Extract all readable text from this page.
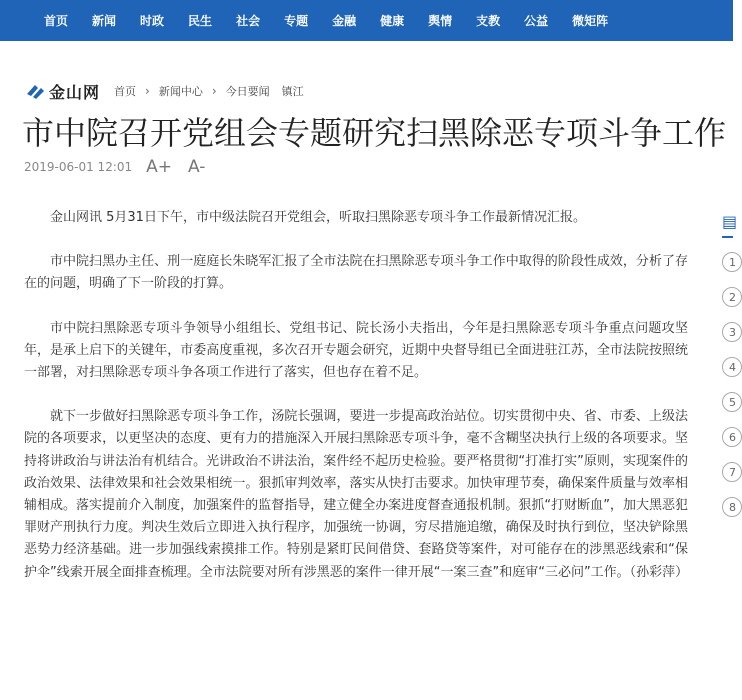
首页 新闻 时政 民生 社会 专题 金融 健康 舆情 支教 公益 微矩阵
金山网 首页 › 新闻中心 › 今日要闻 镇江
市中院召开党组会专题研究扫黑除恶专项斗争工作
2019-06-01 12:01 A+ A-

金山网讯 5月31日下午，市中级法院召开党组会，听取扫黑除恶专项斗争工作最新情况汇报。

市中院扫黑办主任、刑一庭庭长朱晓军汇报了全市法院在扫黑除恶专项斗争工作中取得的阶段性成效，分析了存在的问题，明确了下一阶段的打算。

市中院扫黑除恶专项斗争领导小组组长、党组书记、院长汤小夫指出，今年是扫黑除恶专项斗争重点问题攻坚年，是承上启下的关键年，市委高度重视，多次召开专题会研究，近期中央督导组已全面进驻江苏，全市法院按照统一部署，对扫黑除恶专项斗争各项工作进行了落实，但也存在着不足。

就下一步做好扫黑除恶专项斗争工作，汤院长强调，要进一步提高政治站位。切实贯彻中央、省、市委、上级法院的各项要求，以更坚决的态度、更有力的措施深入开展扫黑除恶专项斗争，毫不含糊坚决执行上级的各项要求。坚持将讲政治与讲法治有机结合。光讲政治不讲法治，案件经不起历史检验。要严格贯彻“打准打实”原则，实现案件的政治效果、法律效果和社会效果相统一。狠抓审判效率，落实从快打击要求。加快审理节奏，确保案件质量与效率相辅相成。落实提前介入制度，加强案件的监督指导，建立健全办案进度督查通报机制。狠抓“打财断血”，加大黑恶犯罪财产刑执行力度。判决生效后立即进入执行程序，加强统一协调，穷尽措施追缴，确保及时执行到位，坚决铲除黑恶势力经济基础。进一步加强线索摸排工作。特别是紧盯民间借贷、套路贷等案件，对可能存在的涉黑恶线索和“保护伞”线索开展全面排查梳理。全市法院要对所有涉黑恶的案件一律开展“一案三查”和庭审“三必问”工作。（孙彩萍）

▤
1
2
3
4
5
6
7
8
